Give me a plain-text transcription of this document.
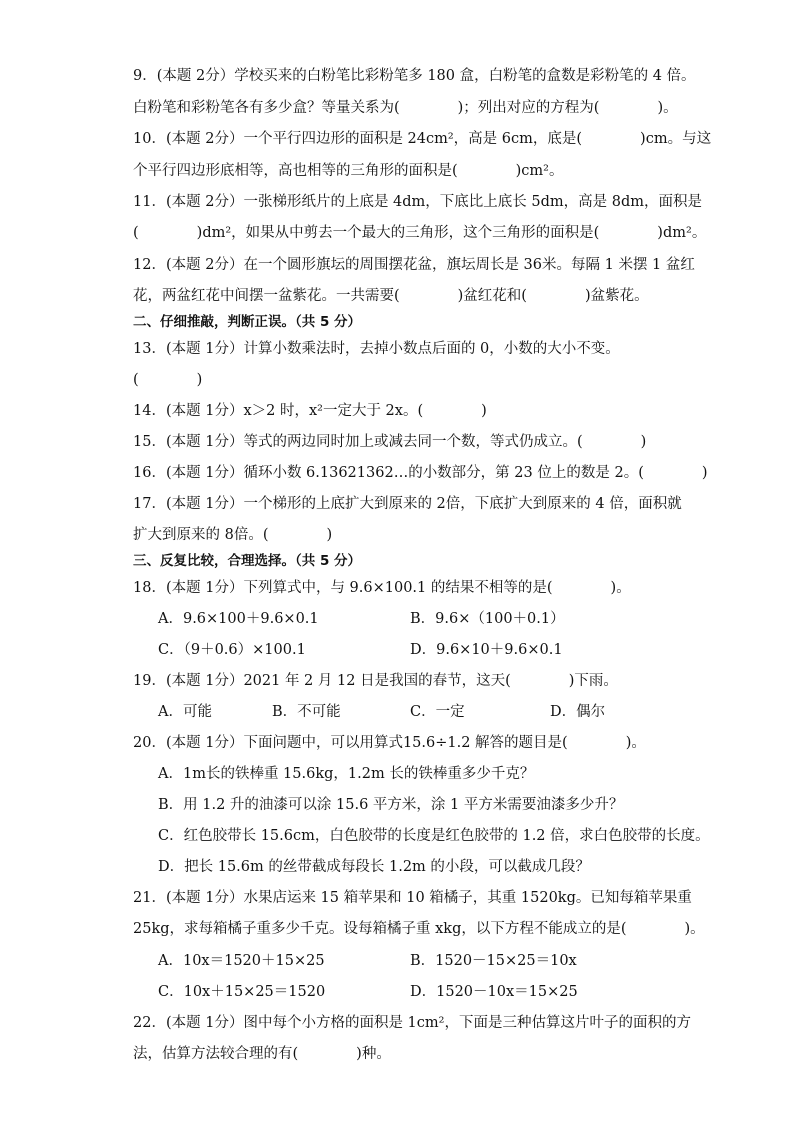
9．(本题 2分）学校买来的白粉笔比彩粉笔多 180 盒，白粉笔的盒数是彩粉笔的 4 倍。
白粉笔和彩粉笔各有多少盒？等量关系为(　　　　)；列出对应的方程为(　　　　)。
10．(本题 2分）一个平行四边形的面积是 24cm²，高是 6cm，底是(　　　　)cm。与这
个平行四边形底相等，高也相等的三角形的面积是(　　　　)cm²。
11．(本题 2分）一张梯形纸片的上底是 4dm，下底比上底长 5dm，高是 8dm，面积是
(　　　　)dm²，如果从中剪去一个最大的三角形，这个三角形的面积是(　　　　)dm²。
12．(本题 2分）在一个圆形旗坛的周围摆花盆，旗坛周长是 36米。每隔 1 米摆 1 盆红
花，两盆红花中间摆一盆紫花。一共需要(　　　　)盆红花和(　　　　)盆紫花。
二、仔细推敲，判断正误。（共 5 分）
13．(本题 1分）计算小数乘法时，去掉小数点后面的 0，小数的大小不变。
(　　　　)
14．(本题 1分）x＞2 时，x²一定大于 2x。(　　　　)
15．(本题 1分）等式的两边同时加上或减去同一个数，等式仍成立。(　　　　)
16．(本题 1分）循环小数 6.13621362…的小数部分，第 23 位上的数是 2。(　　　　)
17．(本题 1分）一个梯形的上底扩大到原来的 2倍，下底扩大到原来的 4 倍，面积就
扩大到原来的 8倍。(　　　　)
三、反复比较，合理选择。（共 5 分）
18．(本题 1分）下列算式中，与 9.6×100.1 的结果不相等的是(　　　　)。
A．9.6×100＋9.6×0.1	B．9.6×（100＋0.1）
C．（9＋0.6）×100.1	D．9.6×10＋9.6×0.1
19．(本题 1分）2021 年 2 月 12 日是我国的春节，这天(　　　　)下雨。
A．可能	B．不可能	C．一定	D．偶尔
20．(本题 1分）下面问题中，可以用算式15.6÷1.2 解答的题目是(　　　　)。
A．1m长的铁棒重 15.6kg，1.2m 长的铁棒重多少千克？
B．用 1.2 升的油漆可以涂 15.6 平方米，涂 1 平方米需要油漆多少升？
C．红色胶带长 15.6cm，白色胶带的长度是红色胶带的 1.2 倍，求白色胶带的长度。
D．把长 15.6m 的丝带截成每段长 1.2m 的小段，可以截成几段？
21．(本题 1分）水果店运来 15 箱苹果和 10 箱橘子，其重 1520kg。已知每箱苹果重
25kg，求每箱橘子重多少千克。设每箱橘子重 xkg，以下方程不能成立的是(　　　　)。
A．10x＝1520＋15×25	B．1520－15×25＝10x
C．10x＋15×25＝1520	D．1520－10x＝15×25
22．(本题 1分）图中每个小方格的面积是 1cm²，下面是三种估算这片叶子的面积的方
法，估算方法较合理的有(　　　　)种。
